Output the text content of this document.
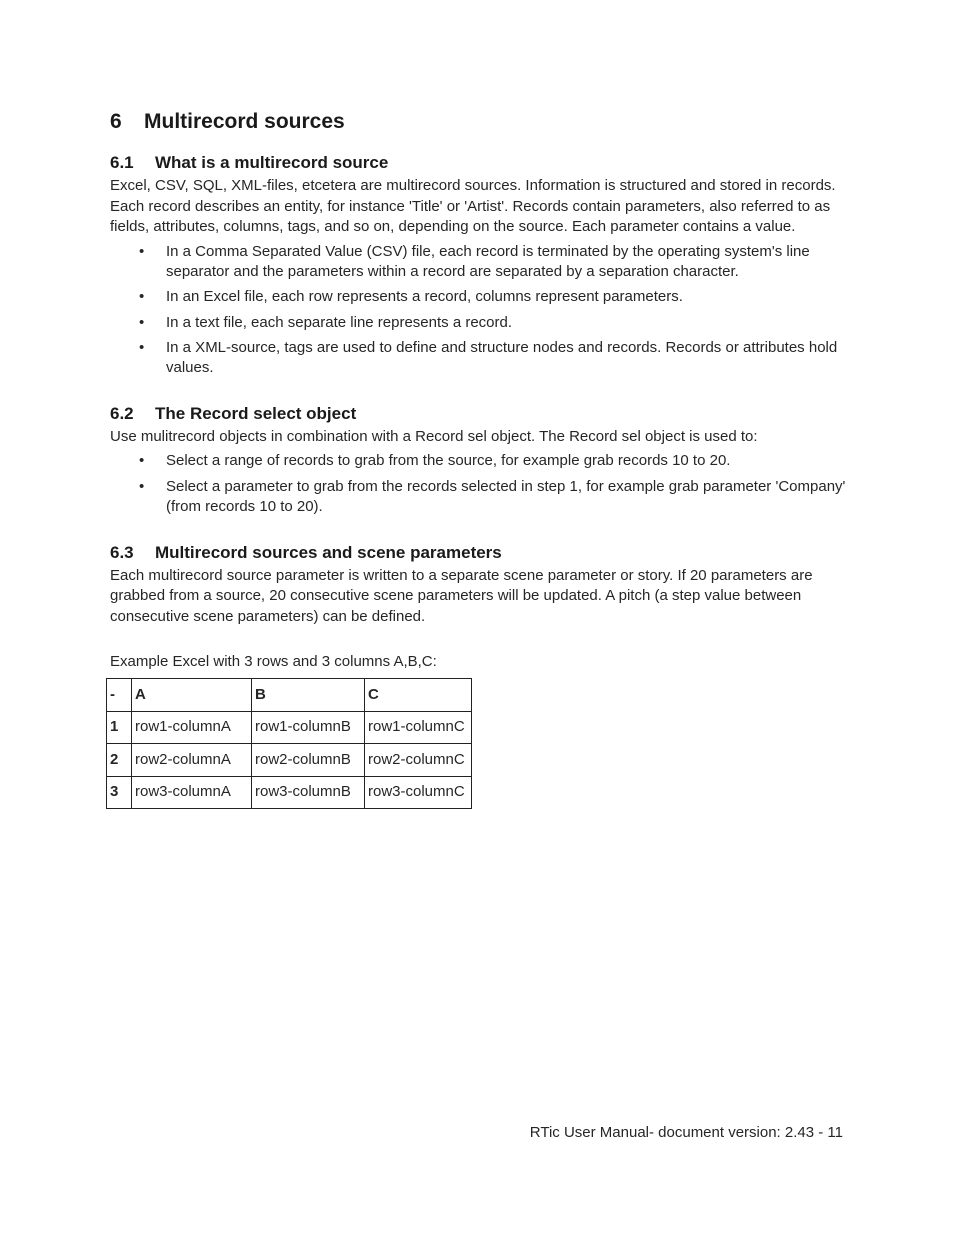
6 Multirecord sources
6.1 What is a multirecord source

Excel, CSV, SQL, XML-files, etcetera are multirecord sources. Information is structured and stored in records. Each record describes an entity, for instance 'Title' or 'Artist'. Records contain parameters, also referred to as fields, attributes, columns, tags, and so on, depending on the source. Each parameter contains a value.

• In a Comma Separated Value (CSV) file, each record is terminated by the operating system's line separator and the parameters within a record are separated by a separation character.
• In an Excel file, each row represents a record, columns represent parameters.
• In a text file, each separate line represents a record.
• In a XML-source, tags are used to define and structure nodes and records. Records or attributes hold values.
6.2 The Record select object

Use mulitrecord objects in combination with a Record sel object. The Record sel object is used to:

• Select a range of records to grab from the source, for example grab records 10 to 20.
• Select a parameter to grab from the records selected in step 1, for example grab parameter 'Company' (from records 10 to 20).
6.3 Multirecord sources and scene parameters

Each multirecord source parameter is written to a separate scene parameter or story. If 20 parameters are grabbed from a source, 20 consecutive scene parameters will be updated. A pitch (a step value between consecutive scene parameters) can be defined.

Example Excel with 3 rows and 3 columns A,B,C:

-	A	B	C
1	row1-columnA	row1-columnB	row1-columnC
2	row2-columnA	row2-columnB	row2-columnC
3	row3-columnA	row3-columnB	row3-columnC
RTic User Manual- document version: 2.43 - 11
